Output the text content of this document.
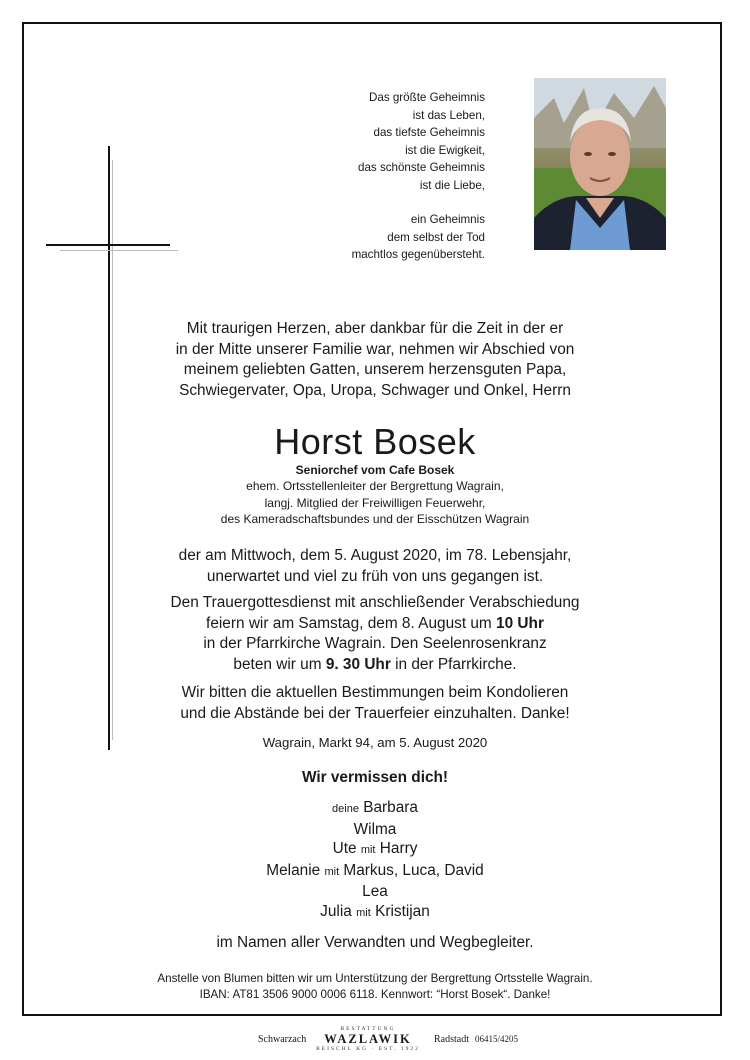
Das größte Geheimnis
ist das Leben,
das tiefste Geheimnis
ist die Ewigkeit,
das schönste Geheimnis
ist die Liebe,
ein Geheimnis
dem selbst der Tod
machtlos gegenübersteht.
Mit traurigen Herzen, aber dankbar für die Zeit in der er
in der Mitte unserer Familie war, nehmen wir Abschied von
meinem geliebten Gatten, unserem herzensguten Papa,
Schwiegervater, Opa, Uropa, Schwager und Onkel, Herrn
Horst Bosek
Seniorchef vom Cafe Bosek
ehem. Ortsstellenleiter der Bergrettung Wagrain,
langj. Mitglied der Freiwilligen Feuerwehr,
des Kameradschaftsbundes und der Eisschützen Wagrain
der am Mittwoch, dem 5. August 2020, im 78. Lebensjahr,
unerwartet und viel zu früh von uns gegangen ist.
Den Trauergottesdienst mit anschließender Verabschiedung
feiern wir am Samstag, dem 8. August um 10 Uhr
in der Pfarrkirche Wagrain. Den Seelenrosenkranz
beten wir um 9. 30 Uhr in der Pfarrkirche.
Wir bitten die aktuellen Bestimmungen beim Kondolieren
und die Abstände bei der Trauerfeier einzuhalten. Danke!
Wagrain, Markt 94, am 5. August 2020
Wir vermissen dich!
deine Barbara
Wilma
Ute mit Harry
Melanie mit Markus, Luca, David
Lea
Julia mit Kristijan
im Namen aller Verwandten und Wegbegleiter.
Anstelle von Blumen bitten wir um Unterstützung der Bergrettung Ortsstelle Wagrain.
IBAN: AT81 3506 9000 0006 6118. Kennwort: “Horst Bosek“. Danke!
Schwarzach
BESTATTUNG
WAZLAWIK
REISCHL KG · EST. 1922
Radstadt 06415/4205
